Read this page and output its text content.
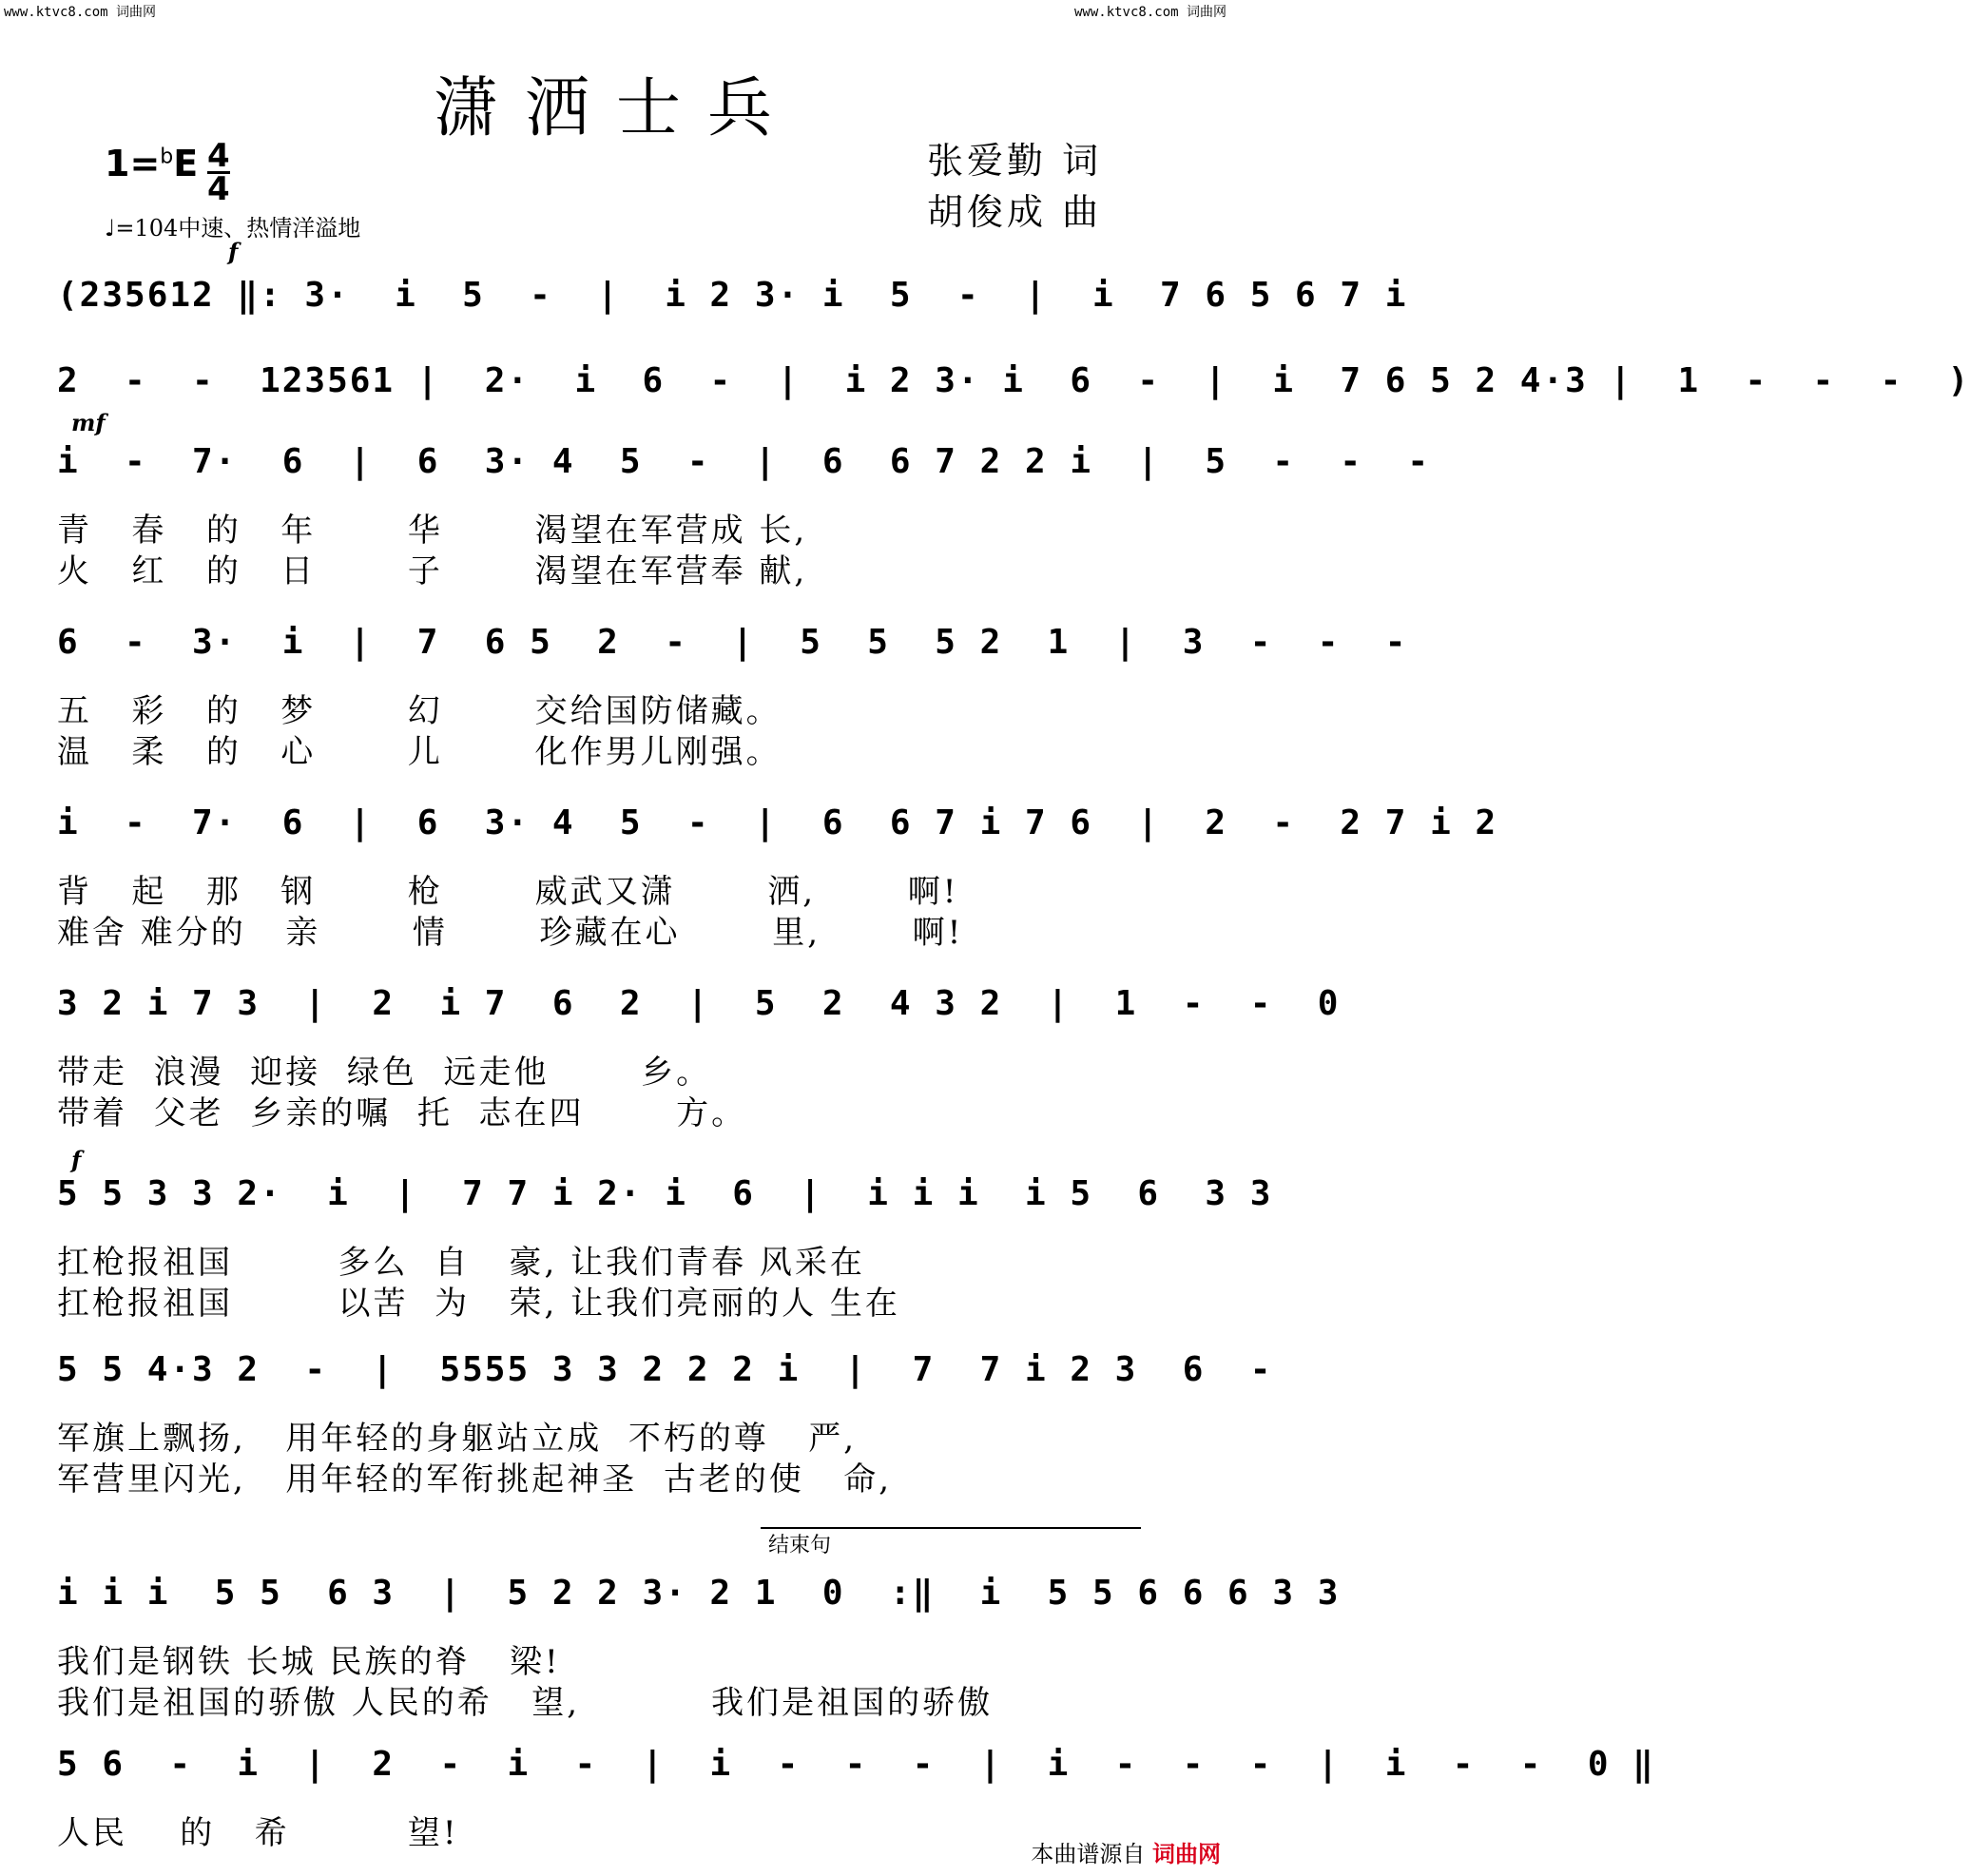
www.ktvc8.com 词曲网	www.ktvc8.com 词曲网
潇洒士兵
1=$^b$E 4
4
♩=104中速、热情洋溢地
张爱勤 词
胡俊成 曲
f
mf
f
(235612 ‖: 3·  i  5  -  |  i 2 3· i  5  -  |  i  7 6 5 6 7 i
2  -  -  123561 |  2·  i  6  -  |  i 2 3· i  6  -  |  i  7 6 5 2 4·3 |  1  -  -  -  )
i  -  7·  6  |  6  3· 4  5  -  |  6  6 7 2 2 i  |  5  -  -  -
青   春   的   年       华       渴望在军营成 长,
火   红   的   日       子       渴望在军营奉 献,
6  -  3·  i  |  7  6 5  2  -  |  5  5  5 2  1  |  3  -  -  -
五   彩   的   梦       幻       交给国防储藏。
温   柔   的   心       儿       化作男儿刚强。
i  -  7·  6  |  6  3· 4  5  -  |  6  6 7 i 7 6  |  2  -  2 7 i 2
背   起   那   钢       枪       威武又潇       洒,       啊!
难舍 难分的   亲       情       珍藏在心       里,       啊!
3 2 i 7 3  |  2  i 7  6  2  |  5  2  4 3 2  |  1  -  -  0
带走  浪漫  迎接  绿色  远走他       乡。
带着  父老  乡亲的嘱  托  志在四       方。
5 5 3 3 2·  i  |  7 7 i 2· i  6  |  i i i  i 5  6  3 3
扛枪报祖国        多么  自   豪, 让我们青春 风采在
扛枪报祖国        以苦  为   荣, 让我们亮丽的人 生在
5 5 4·3 2  -  |  5555 3 3 2 2 2 i  |  7  7 i 2 3  6  -
军旗上飘扬,   用年轻的身躯站立成  不朽的尊   严,
军营里闪光,   用年轻的军衔挑起神圣  古老的使   命,
结束句
i i i  5 5  6 3  |  5 2 2 3· 2 1  0  :‖  i  5 5 6 6 6 3 3
我们是钢铁 长城 民族的脊   梁!
我们是祖国的骄傲 人民的希   望,          我们是祖国的骄傲
5 6  -  i  |  2  -  i  -  |  i  -  -  -  |  i  -  -  -  |  i  -  -  0 ‖
人民    的   希         望!
本曲谱源自 词曲网
